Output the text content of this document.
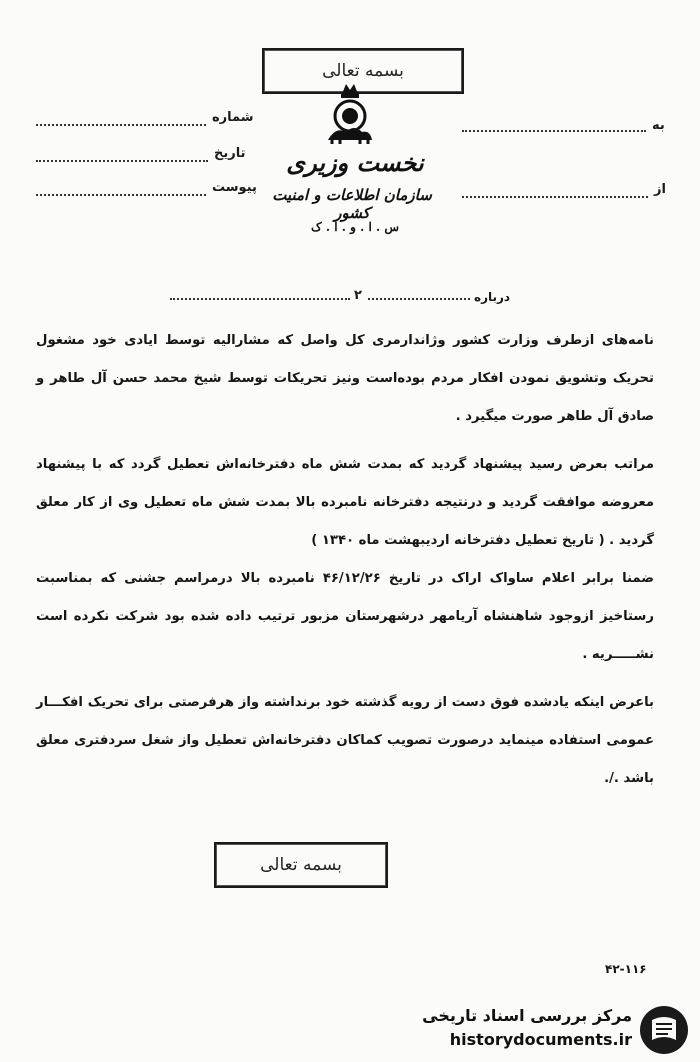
بسمه تعالی
شماره
تاریخ
پیوست
به
از
نخست وزیری
سازمان اطلاعات و امنیت کشور
س . ا . و . ا . ک
۲	درباره

نامه‌های ازطرف وزارت کشور وژاندارمری کل واصل که مشارالیه توسط ایادی خود مشغول تحریک وتشویق نمودن افکار مردم بوده‌است ونیز تحریکات توسط شیخ محمد حسن آل طاهر و صادق آل طاهر صورت میگیرد .

مراتب بعرض رسید پیشنهاد گردید که بمدت شش ماه دفترخانه‌اش تعطیل گردد که با پیشنهاد معروضه موافقت گردید و درنتیجه دفترخانه نامبرده بالا بمدت شش ماه تعطیل وی از کار معلق گردید . ( تاریخ تعطیل دفترخانه اردیبهشت ماه ۱۳۴۰ )

ضمنا برابر اعلام ساواک اراک در تاریخ ۴۶/۱۲/۲۶ نامبرده بالا درمراسم جشنی که بمناسبت رستاخیز ازوجود شاهنشاه آریامهر درشهرستان مزبور ترتیب داده شده بود شرکت نکرده است نشـــــریه .

باعرض اینکه یادشده فوق دست از رویه گذشته خود برنداشته واز هرفرصتی برای تحریک افکـــار عمومی استفاده مینماید درصورت تصویب کماکان دفترخانه‌اش تعطیل واز شغل سردفتری معلق باشد ./.

بسمه تعالی
۴۲-۱۱۶
مرکز بررسی اسناد تاریخی
historydocuments.ir
